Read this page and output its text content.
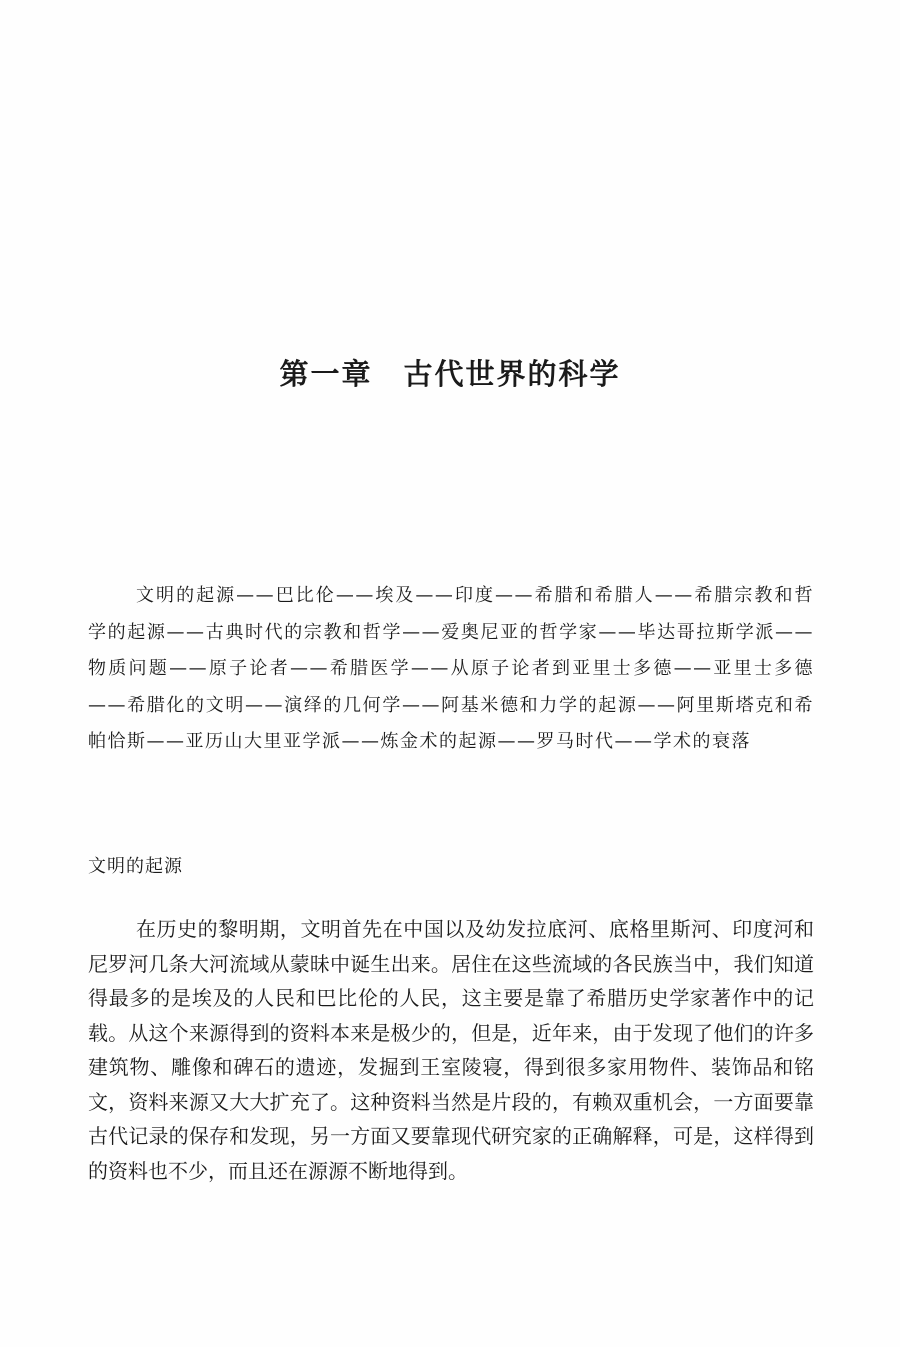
第一章　古代世界的科学

文明的起源——巴比伦——埃及——印度——希腊和希腊人——希腊宗教和哲学的起源——古典时代的宗教和哲学——爱奥尼亚的哲学家——毕达哥拉斯学派——物质问题——原子论者——希腊医学——从原子论者到亚里士多德——亚里士多德——希腊化的文明——演绎的几何学——阿基米德和力学的起源——阿里斯塔克和希帕恰斯——亚历山大里亚学派——炼金术的起源——罗马时代——学术的衰落

文明的起源

在历史的黎明期，文明首先在中国以及幼发拉底河、底格里斯河、印度河和尼罗河几条大河流域从蒙昧中诞生出来。居住在这些流域的各民族当中，我们知道得最多的是埃及的人民和巴比伦的人民，这主要是靠了希腊历史学家著作中的记载。从这个来源得到的资料本来是极少的，但是，近年来，由于发现了他们的许多建筑物、雕像和碑石的遗迹，发掘到王室陵寝，得到很多家用物件、装饰品和铭文，资料来源又大大扩充了。这种资料当然是片段的，有赖双重机会，一方面要靠古代记录的保存和发现，另一方面又要靠现代研究家的正确解释，可是，这样得到的资料也不少，而且还在源源不断地得到。
